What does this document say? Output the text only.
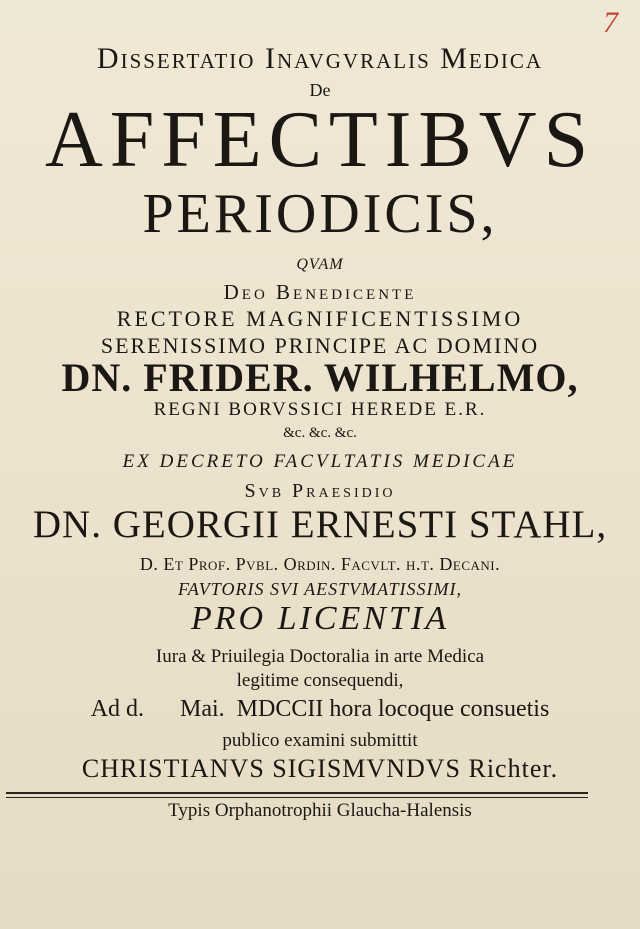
7
Dissertatio Inavgvralis Medica
De
AFFECTIBVS
PERIODICIS,
QVAM
Deo Benedicente
RECTORE MAGNIFICENTISSIMO
SERENISSIMO PRINCIPE AC DOMINO
DN. FRIDER. WILHELMO,
REGNI BORVSSICI HEREDE E.R.
&c. &c. &c.
EX DECRETO FACVLTATIS MEDICAE
Svb Praesidio
DN. GEORGII ERNESTI STAHL,
D. Et Prof. Pvbl. Ordin. Facvlt. h.t. Decani.
FAVTORIS SVI AESTVMATISSIMI,
PRO LICENTIA
Iura & Priuilegia Doctoralia in arte Medica
legitime consequendi,
Ad d.      Mai.  MDCCII hora locoque consuetis
publico examini submittit
CHRISTIANVS SIGISMVNDVS Richter.
Typis Orphanotrophii Glaucha-Halensis
